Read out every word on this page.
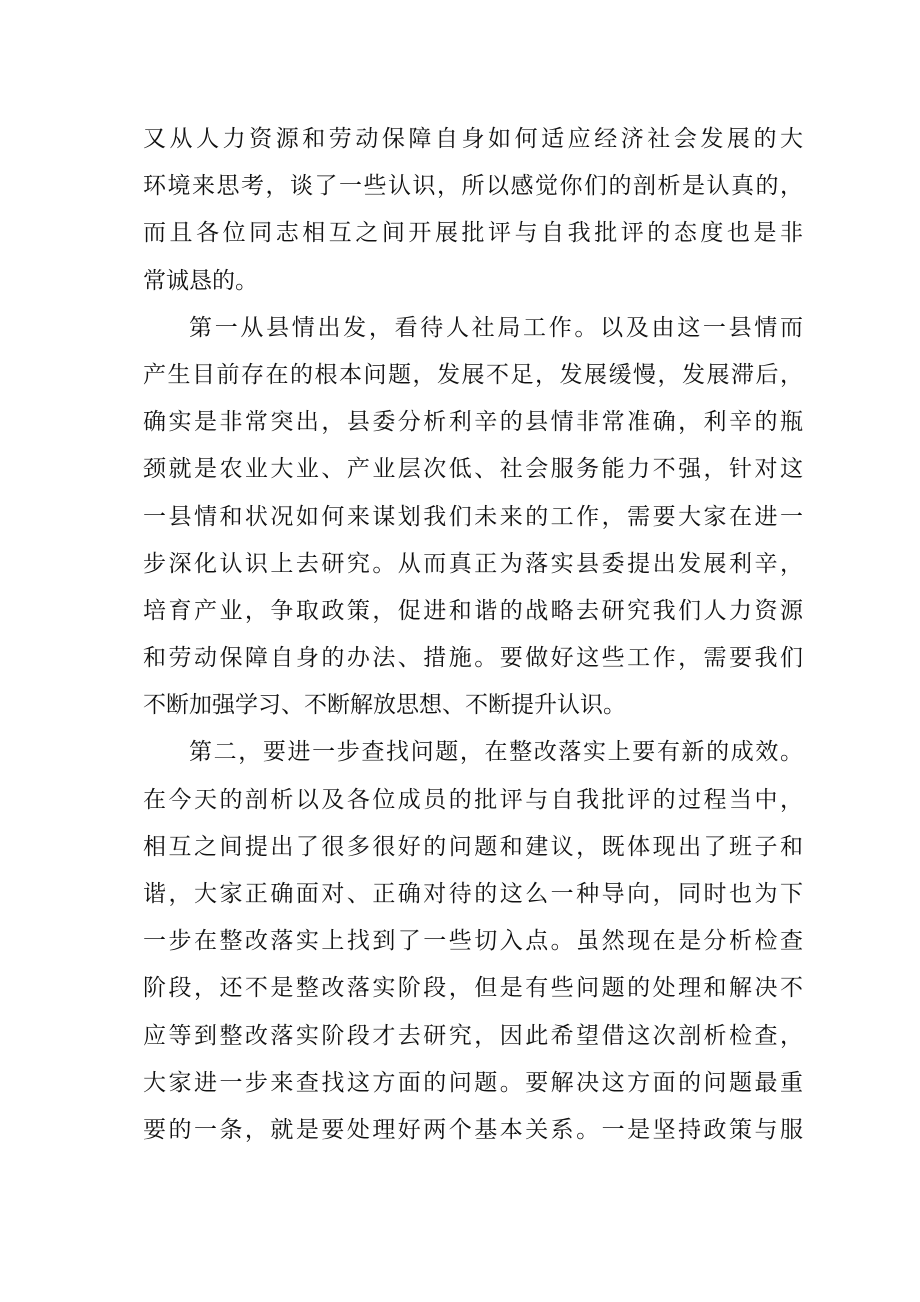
又从人力资源和劳动保障自身如何适应经济社会发展的大
环境来思考，谈了一些认识，所以感觉你们的剖析是认真的，
而且各位同志相互之间开展批评与自我批评的态度也是非
常诚恳的。
第一从县情出发，看待人社局工作。以及由这一县情而
产生目前存在的根本问题，发展不足，发展缓慢，发展滞后，
确实是非常突出，县委分析利辛的县情非常准确，利辛的瓶
颈就是农业大业、产业层次低、社会服务能力不强，针对这
一县情和状况如何来谋划我们未来的工作，需要大家在进一
步深化认识上去研究。从而真正为落实县委提出发展利辛，
培育产业，争取政策，促进和谐的战略去研究我们人力资源
和劳动保障自身的办法、措施。要做好这些工作，需要我们
不断加强学习、不断解放思想、不断提升认识。
第二，要进一步查找问题，在整改落实上要有新的成效。
在今天的剖析以及各位成员的批评与自我批评的过程当中，
相互之间提出了很多很好的问题和建议，既体现出了班子和
谐，大家正确面对、正确对待的这么一种导向，同时也为下
一步在整改落实上找到了一些切入点。虽然现在是分析检查
阶段，还不是整改落实阶段，但是有些问题的处理和解决不
应等到整改落实阶段才去研究，因此希望借这次剖析检查，
大家进一步来查找这方面的问题。要解决这方面的问题最重
要的一条，就是要处理好两个基本关系。一是坚持政策与服
